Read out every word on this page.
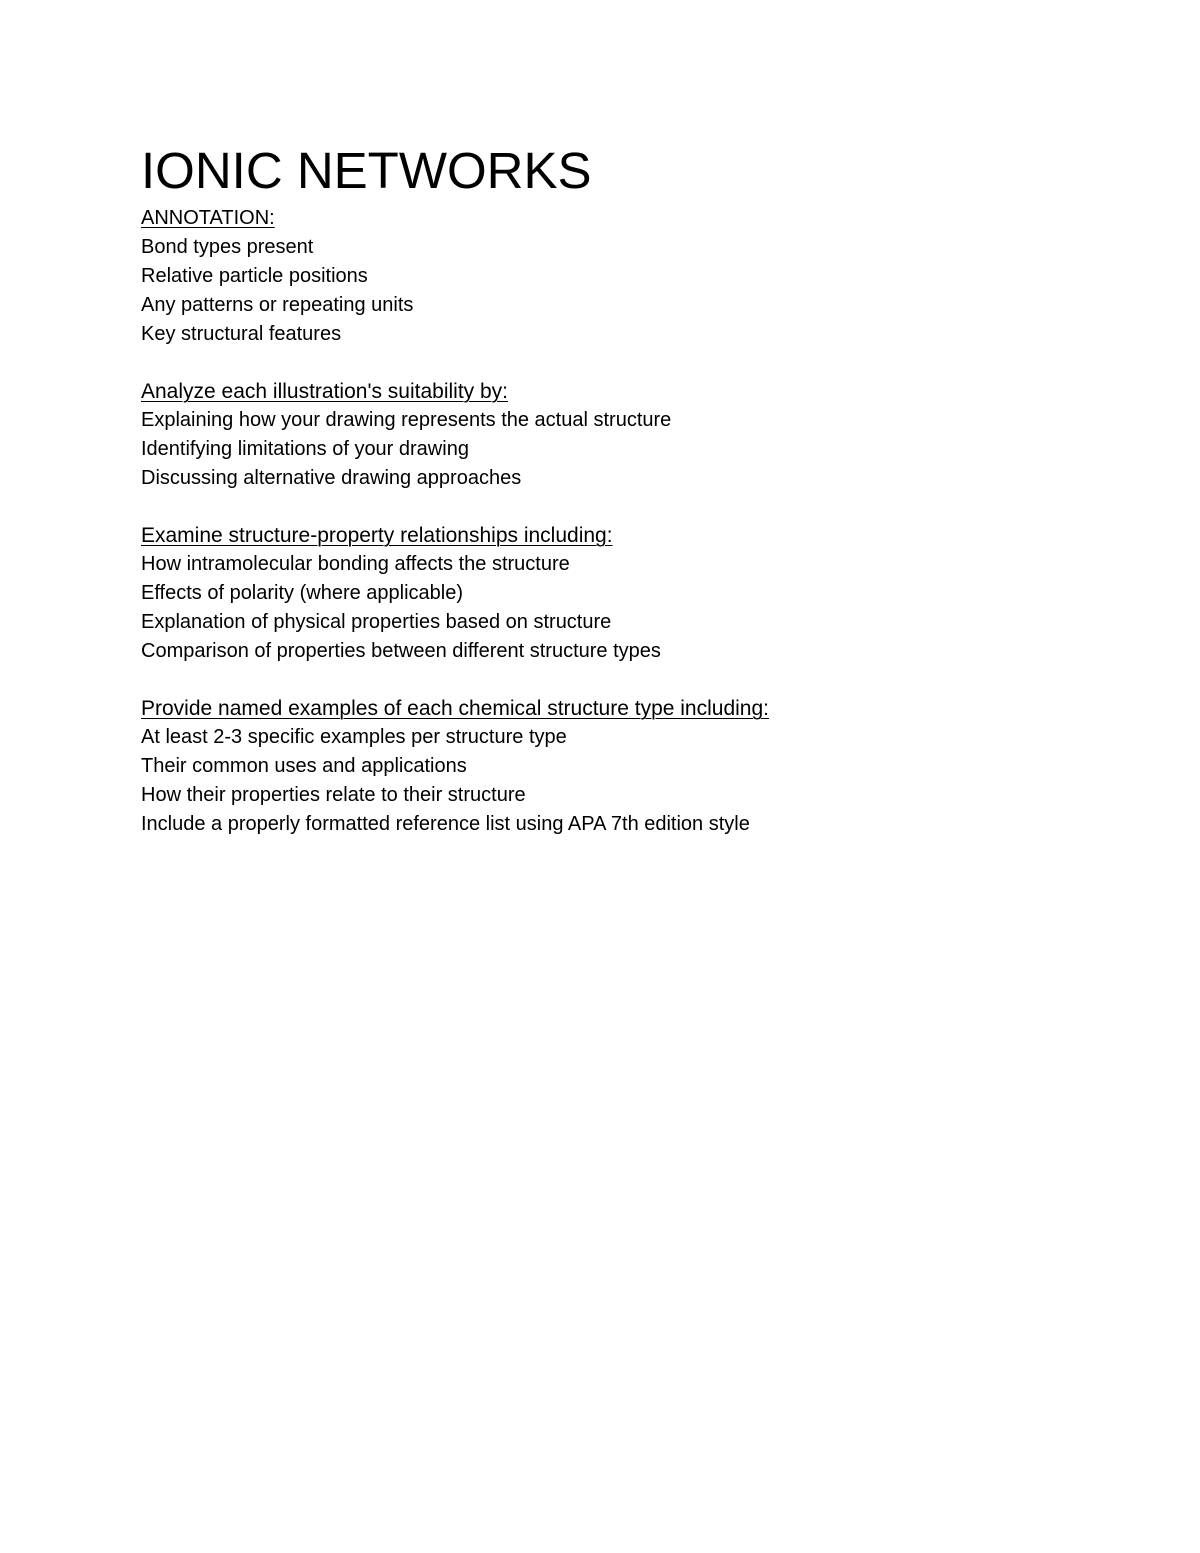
IONIC NETWORKS

ANNOTATION:

Bond types present
Relative particle positions
Any patterns or repeating units
Key structural features

Analyze each illustration's suitability by:

Explaining how your drawing represents the actual structure
Identifying limitations of your drawing
Discussing alternative drawing approaches

Examine structure-property relationships including:

How intramolecular bonding affects the structure
Effects of polarity (where applicable)
Explanation of physical properties based on structure
Comparison of properties between different structure types

Provide named examples of each chemical structure type including:

At least 2-3 specific examples per structure type
Their common uses and applications
How their properties relate to their structure
Include a properly formatted reference list using APA 7th edition style
